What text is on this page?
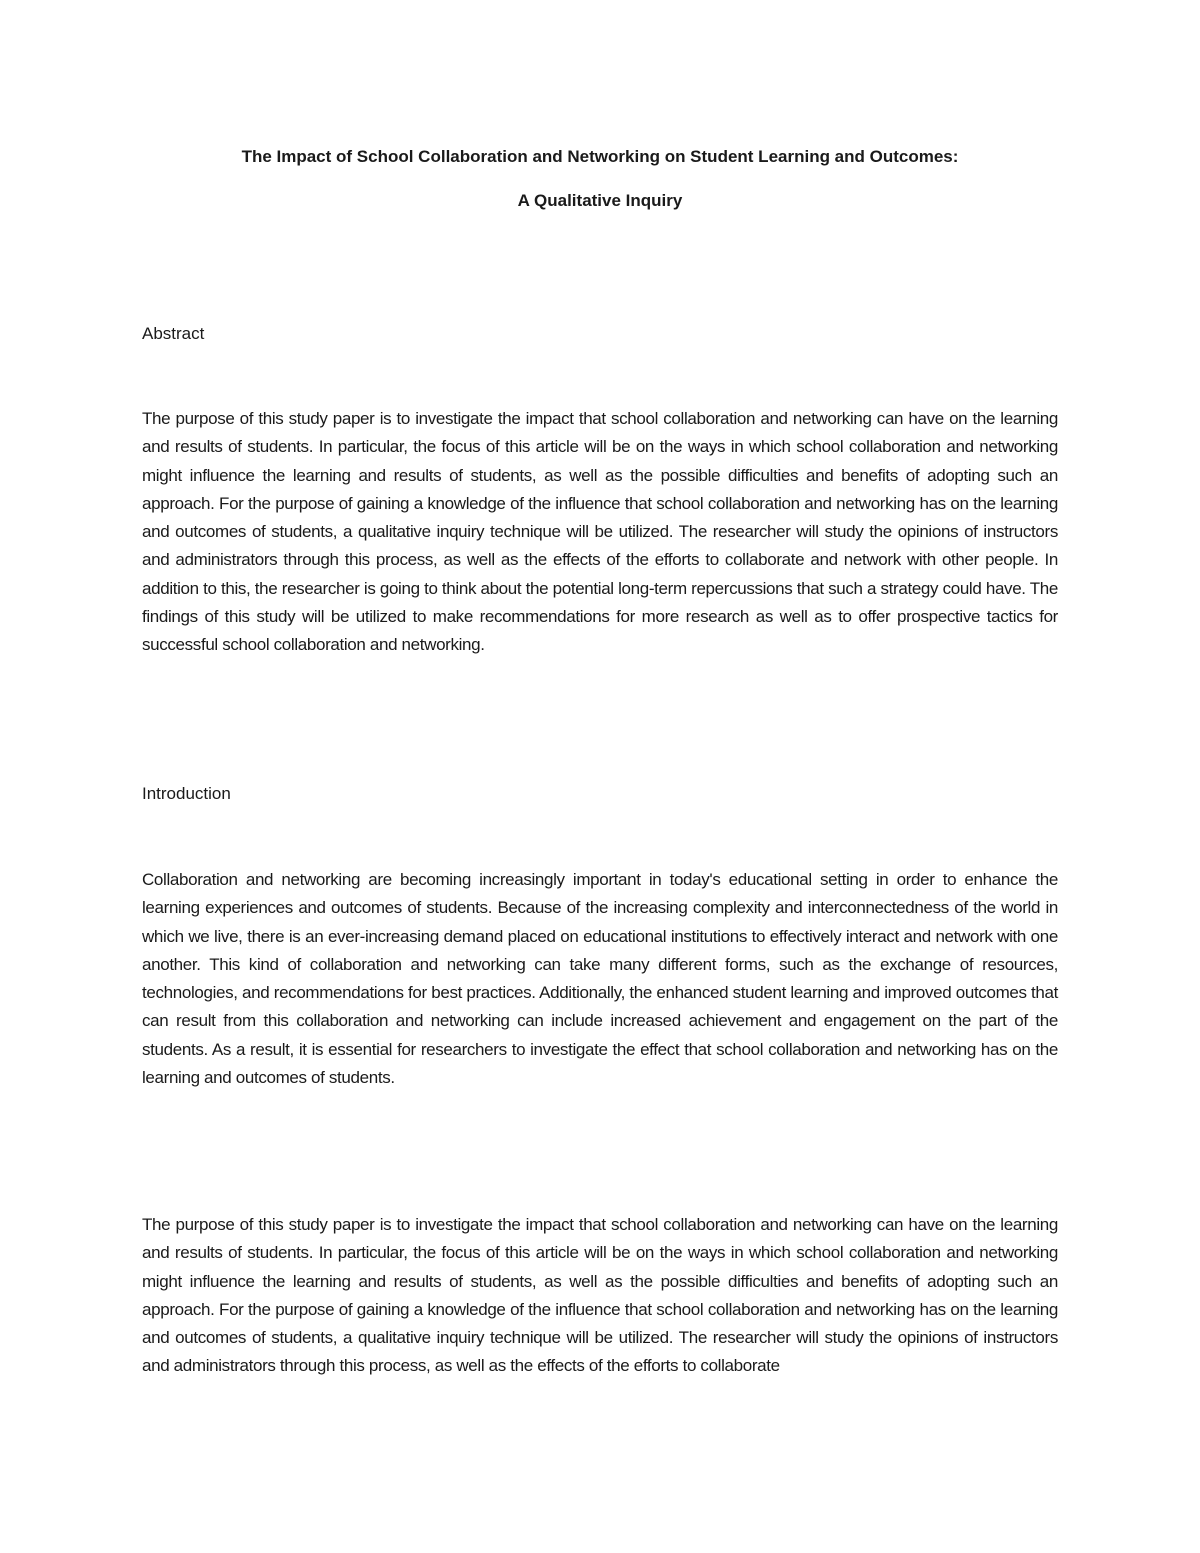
The Impact of School Collaboration and Networking on Student Learning and Outcomes:

A Qualitative Inquiry

Abstract

The purpose of this study paper is to investigate the impact that school collaboration and networking can have on the learning and results of students. In particular, the focus of this article will be on the ways in which school collaboration and networking might influence the learning and results of students, as well as the possible difficulties and benefits of adopting such an approach. For the purpose of gaining a knowledge of the influence that school collaboration and networking has on the learning and outcomes of students, a qualitative inquiry technique will be utilized. The researcher will study the opinions of instructors and administrators through this process, as well as the effects of the efforts to collaborate and network with other people. In addition to this, the researcher is going to think about the potential long-term repercussions that such a strategy could have. The findings of this study will be utilized to make recommendations for more research as well as to offer prospective tactics for successful school collaboration and networking.

Introduction

Collaboration and networking are becoming increasingly important in today's educational setting in order to enhance the learning experiences and outcomes of students. Because of the increasing complexity and interconnectedness of the world in which we live, there is an ever-increasing demand placed on educational institutions to effectively interact and network with one another. This kind of collaboration and networking can take many different forms, such as the exchange of resources, technologies, and recommendations for best practices. Additionally, the enhanced student learning and improved outcomes that can result from this collaboration and networking can include increased achievement and engagement on the part of the students. As a result, it is essential for researchers to investigate the effect that school collaboration and networking has on the learning and outcomes of students.

The purpose of this study paper is to investigate the impact that school collaboration and networking can have on the learning and results of students. In particular, the focus of this article will be on the ways in which school collaboration and networking might influence the learning and results of students, as well as the possible difficulties and benefits of adopting such an approach. For the purpose of gaining a knowledge of the influence that school collaboration and networking has on the learning and outcomes of students, a qualitative inquiry technique will be utilized. The researcher will study the opinions of instructors and administrators through this process, as well as the effects of the efforts to collaborate
